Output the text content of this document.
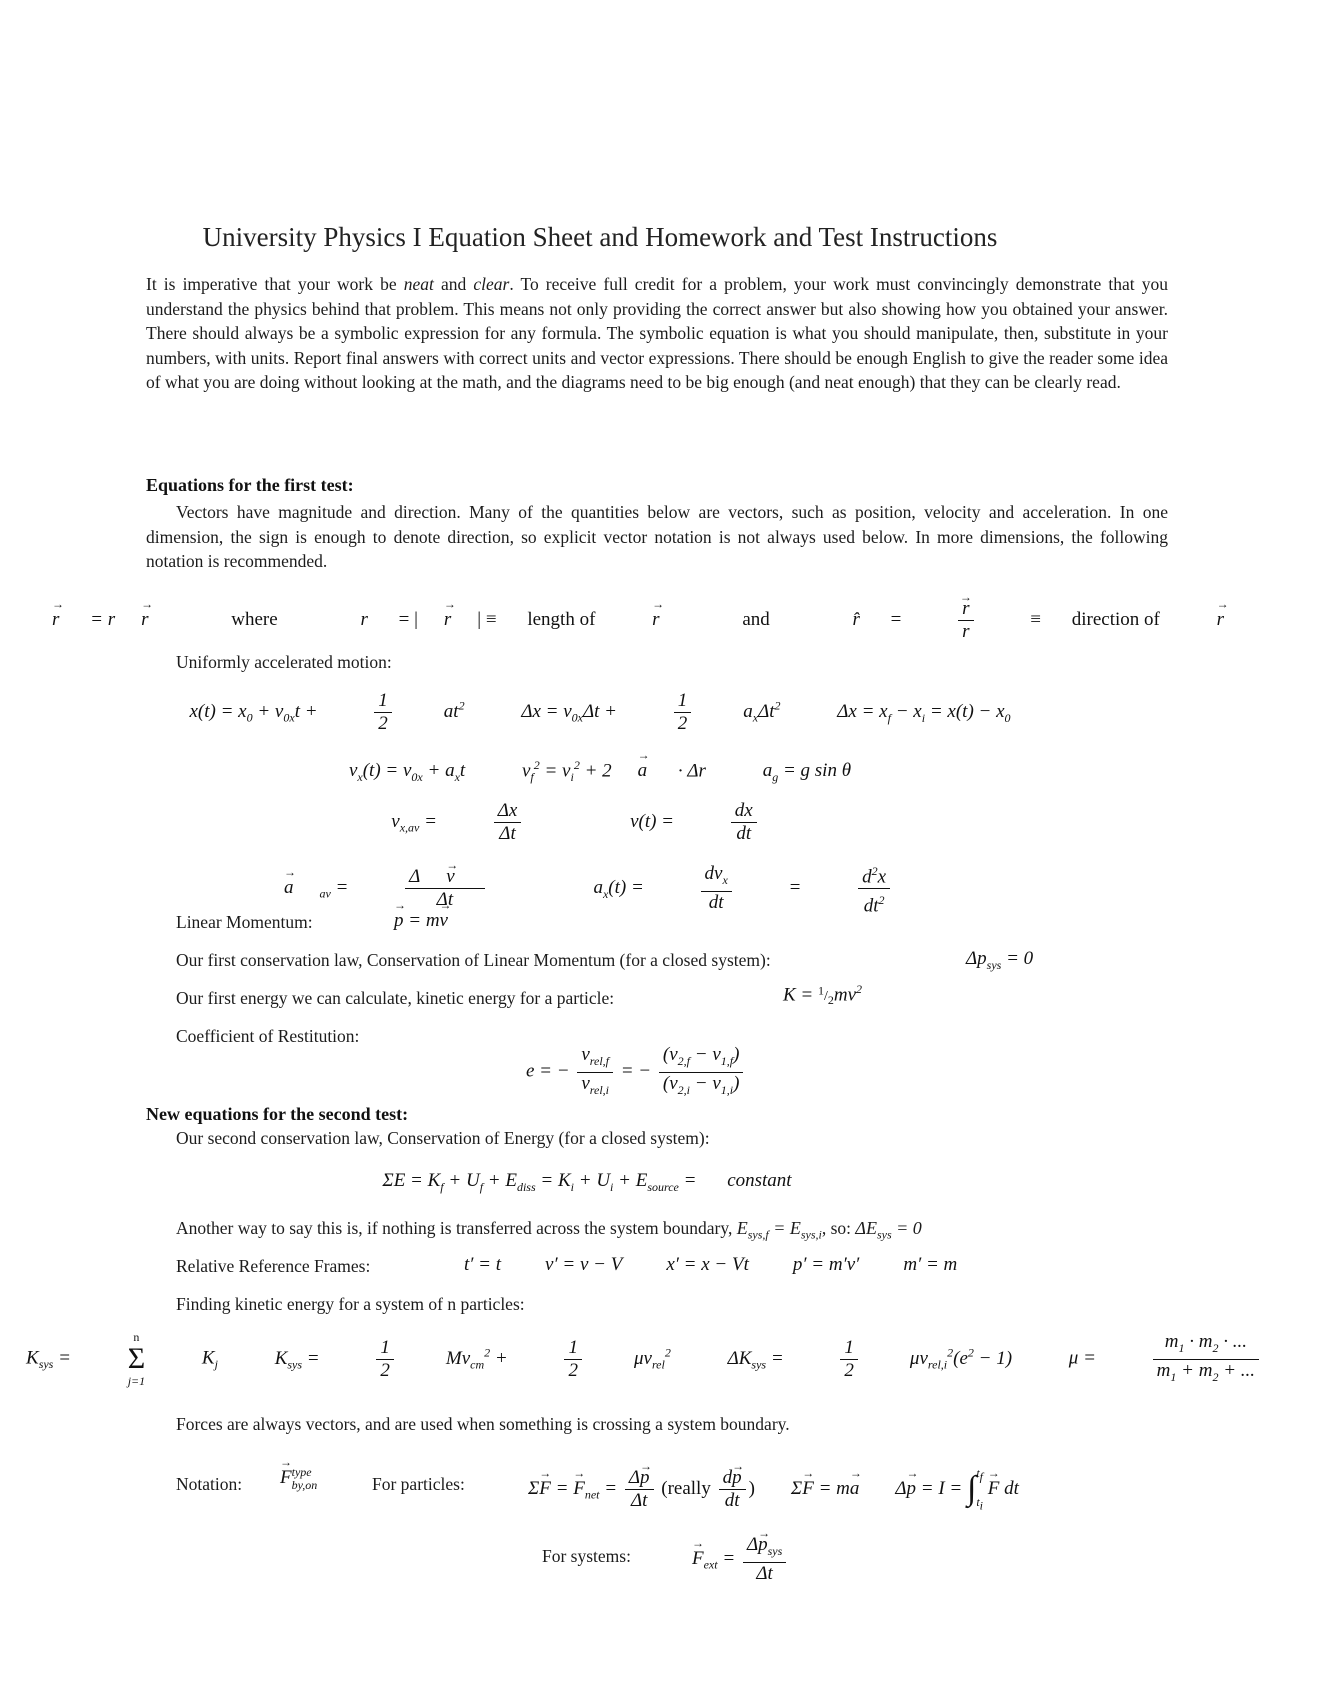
University Physics I Equation Sheet and Homework and Test Instructions
It is imperative that your work be neat and clear. To receive full credit for a problem, your work must convincingly demonstrate that you understand the physics behind that problem. This means not only providing the correct answer but also showing how you obtained your answer. There should always be a symbolic expression for any formula. The symbolic equation is what you should manipulate, then, substitute in your numbers, with units. Report final answers with correct units and vector expressions. There should be enough English to give the reader some idea of what you are doing without looking at the math, and the diagrams need to be big enough (and neat enough) that they can be clearly read.
Equations for the first test:
Vectors have magnitude and direction. Many of the quantities below are vectors, such as position, velocity and acceleration. In one dimension, the sign is enough to denote direction, so explicit vector notation is not always used below. In more dimensions, the following notation is recommended.
r → = r r →	where	r = | r → | ≡ length of	r →	and	r̂ = $\frac{r \to}{r}$ ≡ direction of	r →
Uniformly accelerated motion:
$x(t) = x_0 + v_{0x}t + \frac{1}{2} at^2$	$\Delta x = v_{0x}\Delta t + \frac{1}{2} a_x\Delta t^2$	$\Delta x = x_f - x_i = x(t) - x_0$
$v_x(t) = v_{0x} + a_xt$	$v_f^2 = v_i^2 + 2$ a → · Δr	$a_g = g$ sin θ
$v_{x,av} = \frac{\Delta x}{\Delta t}$	$v(t) = \frac{dx}{dt}$
$a \to _{av} = \frac{\text{Δ v →}}{\Delta t}$	$a_x(t) = \frac{dv_x}{dt} = \frac{d^2x}{dt^2}$
Linear Momentum:	p → = mv →
Our first conservation law, Conservation of Linear Momentum (for a closed system):	$\Delta p_{sys} = 0$
Our first energy we can calculate, kinetic energy for a particle:	$K = ^1/_2mv^2$
Coefficient of Restitution:
e = − $\frac{v_{rel,f}}{v_{rel,i}}$ = − $\frac{(v_{2,f} - v_{1,f})}{(v_{2,i} - v_{1,i})}$
New equations for the second test:
Our second conservation law, Conservation of Energy (for a closed system):
$\Sigma E = K_f + U_f + E_{diss} = K_i + U_i + E_{source}$ = constant
Another way to say this is, if nothing is transferred across the system boundary, $E_{sys,f} = E_{sys,i}$, so: $\Delta E_{sys} = 0$
Relative Reference Frames:	t′ = t v′ = v − V x′ = x − Vt p′ = m′v′ m′ = m
Finding kinetic energy for a system of n particles:
$K_{sys}$ =
n
Σ
j=1
$K_j$	$K_{sys} = \frac{1}{2} Mv_{cm}^2 + \frac{1}{2} \mu v_{rel}^2$	$\Delta K_{sys} = \frac{1}{2} \mu v_{rel,i}^2(e^2 - 1)$	$\mu = \frac{m_1 \cdot m_2 \cdot ...}{m_1 + m_2 + ...}$
Forces are always vectors, and are used when something is crossing a system boundary.
Notation: F → type
by,on	For particles:	ΣF → = $F \to_{net} = \frac{\Delta p \to}{\Delta t}$ (really $\frac{dp \to}{dt}$ ) ΣF → = ma → Δp → = I = ∫ $t_f$
$t_i$
F → dt
For systems:	$F \to_{ext} = \frac{\Delta p \to_{sys}}{\Delta t}$
